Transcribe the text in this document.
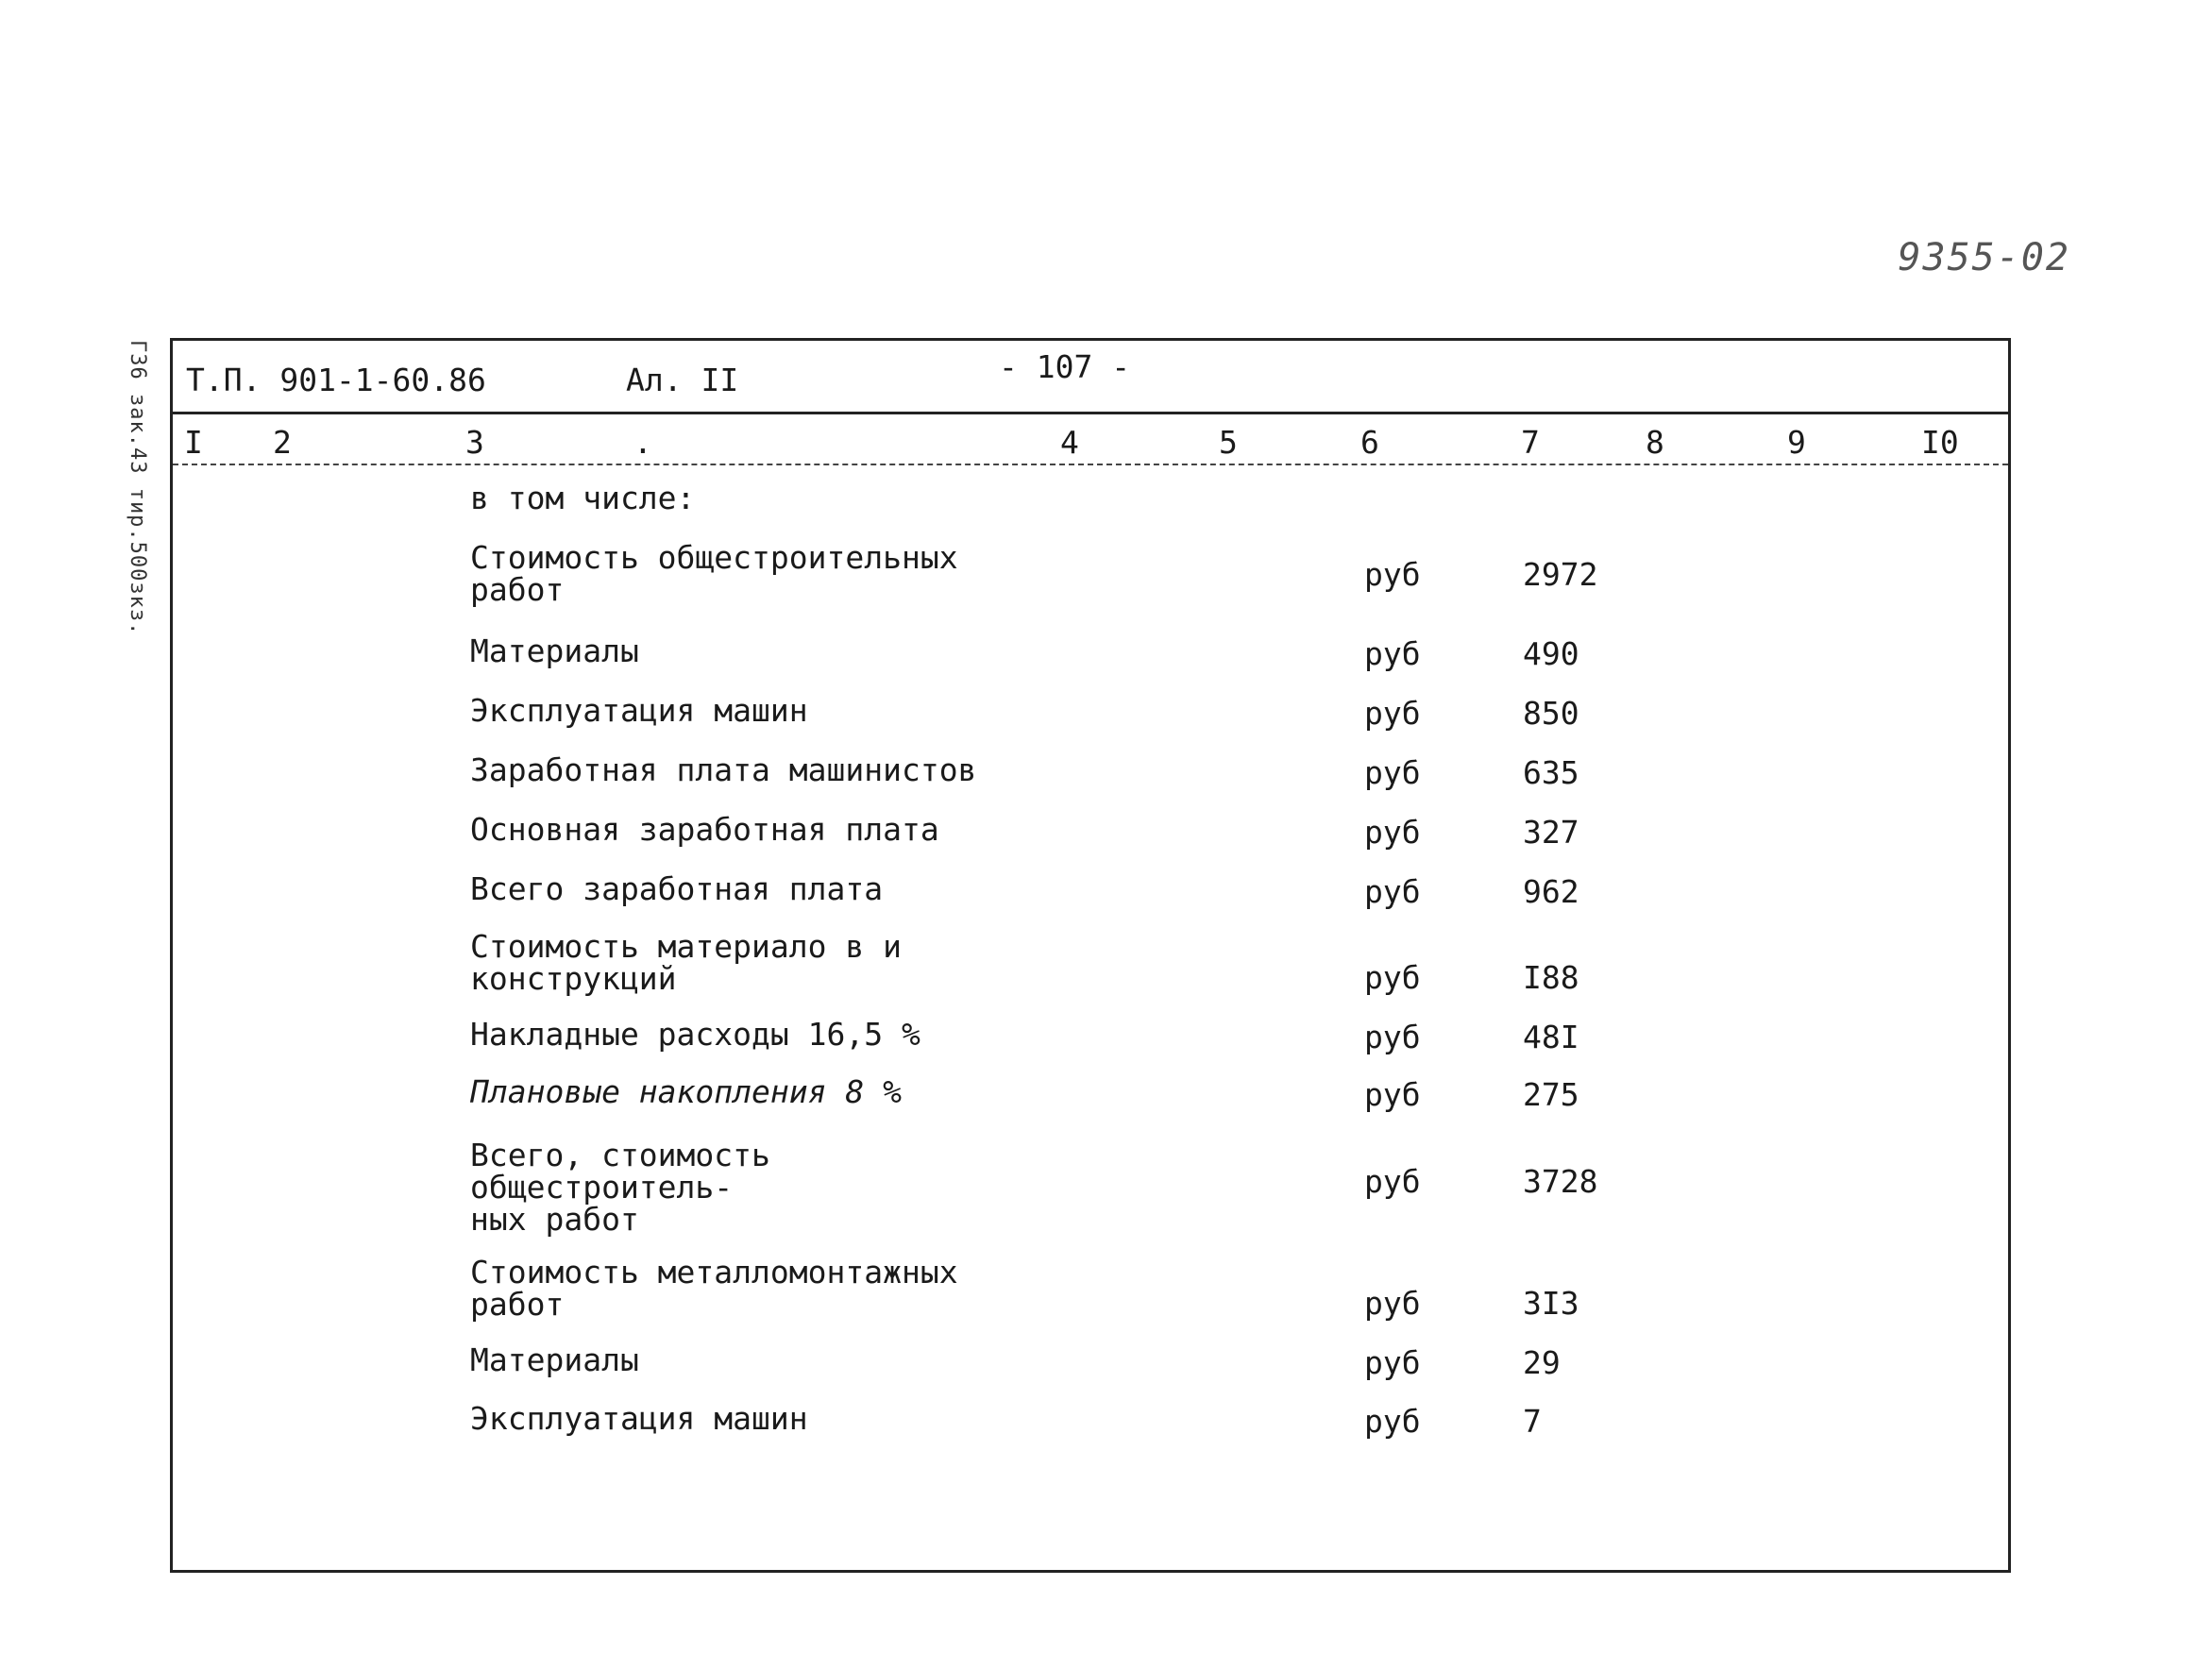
9355-02
ГЗ6 зак.43 тир.500зкз. Т.П. 901-1-60.86	Ал. II	- 107 -
I 2	3	.	4	5	6	7	8	9	I0
в том числе:
Стоимость общестроительных
работ	руб	2972
Материалы	руб	490
Эксплуатация машин	руб	850
Заработная плата машинистов	руб	635
Основная заработная плата	руб	327
Всего заработная плата	руб	962
Стоимость материало в и
конструкций	руб	I88
Накладные расходы 16,5 %	руб	48I
Плановые накопления 8 %	руб	275
Всего, стоимость общестроитель-
ных работ
руб	3728
Стоимость металломонтажных
работ	руб	3I3
Материалы	руб	29
Эксплуатация машин	руб	7
